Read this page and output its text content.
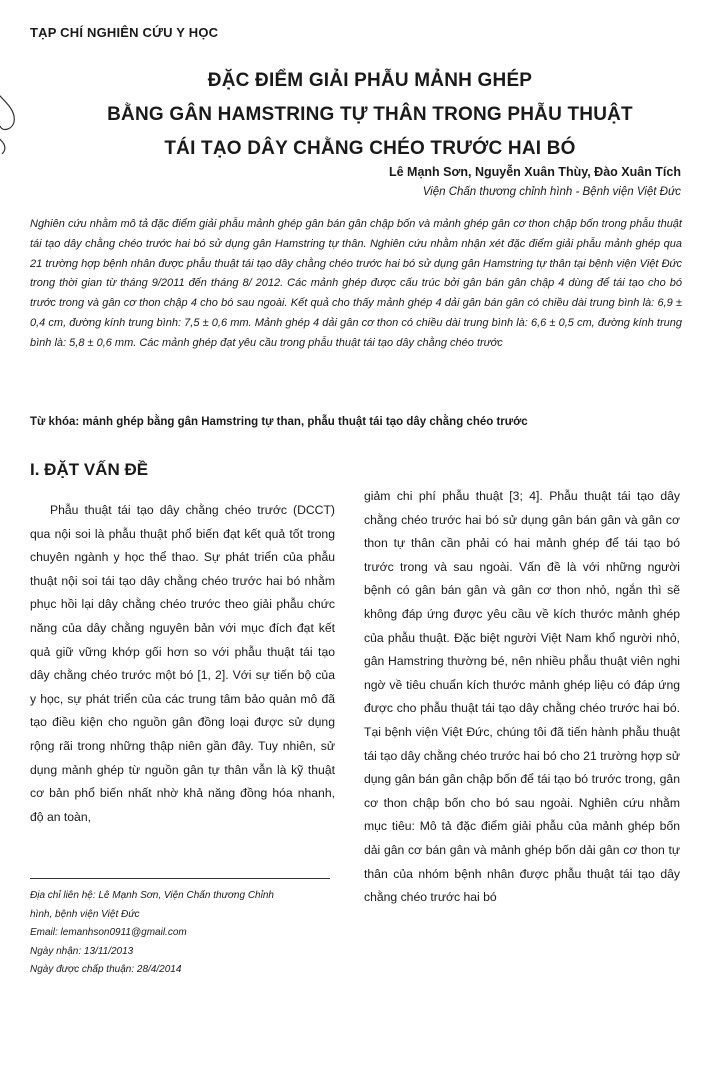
TẠP CHÍ NGHIÊN CỨU Y HỌC
ĐẶC ĐIỂM GIẢI PHẪU MẢNH GHÉP
BẰNG GÂN HAMSTRING TỰ THÂN TRONG PHẪU THUẬT
TÁI TẠO DÂY CHẰNG CHÉO TRƯỚC HAI BÓ
Lê Mạnh Sơn, Nguyễn Xuân Thùy, Đào Xuân Tích
Viện Chấn thương chỉnh hình - Bệnh viện Việt Đức

Nghiên cứu nhằm mô tả đặc điểm giải phẫu mảnh ghép gân bán gân chập bốn và mảnh ghép gân cơ thon chập bốn trong phẫu thuật tái tạo dây chằng chéo trước hai bó sử dụng gân Hamstring tự thân. Nghiên cứu nhằm nhận xét đặc điểm giải phẫu mảnh ghép qua 21 trường hợp bệnh nhân được phẫu thuật tái tạo dây chằng chéo trước hai bó sử dụng gân Hamstring tự thân tại bệnh viện Việt Đức trong thời gian từ tháng 9/2011 đến tháng 8/ 2012. Các mảnh ghép được cấu trúc bởi gân bán gân chập 4 dùng để tái tạo cho bó trước trong và gân cơ thon chập 4 cho bó sau ngoài. Kết quả cho thấy mảnh ghép 4 dải gân bán gân có chiều dài trung bình là: 6,9 ± 0,4 cm, đường kính trung bình: 7,5 ± 0,6 mm. Mảnh ghép 4 dải gân cơ thon có chiều dài trung bình là: 6,6 ± 0,5 cm, đường kính trung bình là: 5,8 ± 0,6 mm. Các mảnh ghép đạt yêu cầu trong phẫu thuật tái tạo dây chằng chéo trước

Từ khóa: mảnh ghép bằng gân Hamstring tự than, phẫu thuật tái tạo dây chằng chéo trước

I. ĐẶT VẤN ĐỀ

Phẫu thuật tái tạo dây chằng chéo trước (DCCT) qua nội soi là phẫu thuật phổ biến đạt kết quả tốt trong chuyên ngành y học thể thao. Sự phát triển của phẫu thuật nội soi tái tạo dây chằng chéo trước hai bó nhằm phục hồi lại dây chằng chéo trước theo giải phẫu chức năng của dây chằng nguyên bản với mục đích đạt kết quả giữ vững khớp gối hơn so với phẫu thuật tái tạo dây chằng chéo trước một bó [1, 2]. Với sự tiến bộ của y học, sự phát triển của các trung tâm bảo quản mô đã tạo điều kiện cho nguồn gân đồng loại được sử dụng rộng rãi trong những thập niên gần đây. Tuy nhiên, sử dụng mảnh ghép từ nguồn gân tự thân vẫn là kỹ thuật cơ bản phổ biến nhất nhờ khả năng đồng hóa nhanh, độ an toàn,

giảm chi phí phẫu thuật [3; 4]. Phẫu thuật tái tạo dây chằng chéo trước hai bó sử dụng gân bán gân và gân cơ thon tự thân cần phải có hai mảnh ghép để tái tạo bó trước trong và sau ngoài. Vấn đề là với những người bệnh có gân bán gân và gân cơ thon nhỏ, ngắn thì sẽ không đáp ứng được yêu cầu về kích thước mảnh ghép của phẫu thuật. Đặc biệt người Việt Nam khổ người nhỏ, gân Hamstring thường bé, nên nhiều phẫu thuật viên nghi ngờ về tiêu chuẩn kích thước mảnh ghép liệu có đáp ứng được cho phẫu thuật tái tạo dây chằng chéo trước hai bó. Tại bệnh viện Việt Đức, chúng tôi đã tiến hành phẫu thuật tái tạo dây chằng chéo trước hai bó cho 21 trường hợp sử dụng gân bán gân chập bốn để tái tạo bó trước trong, gân cơ thon chập bốn cho bó sau ngoài. Nghiên cứu nhằm mục tiêu: Mô tả đặc điểm giải phẫu của mảnh ghép bốn dải gân cơ bán gân và mảnh ghép bốn dải gân cơ thon tự thân của nhóm bệnh nhân được phẫu thuật tái tạo dây chằng chéo trước hai bó

Địa chỉ liên hệ: Lê Mạnh Sơn, Viện Chấn thương Chỉnh
hình, bệnh viện Việt Đức
Email: lemanhson0911@gmail.com
Ngày nhận: 13/11/2013
Ngày được chấp thuận: 28/4/2014
